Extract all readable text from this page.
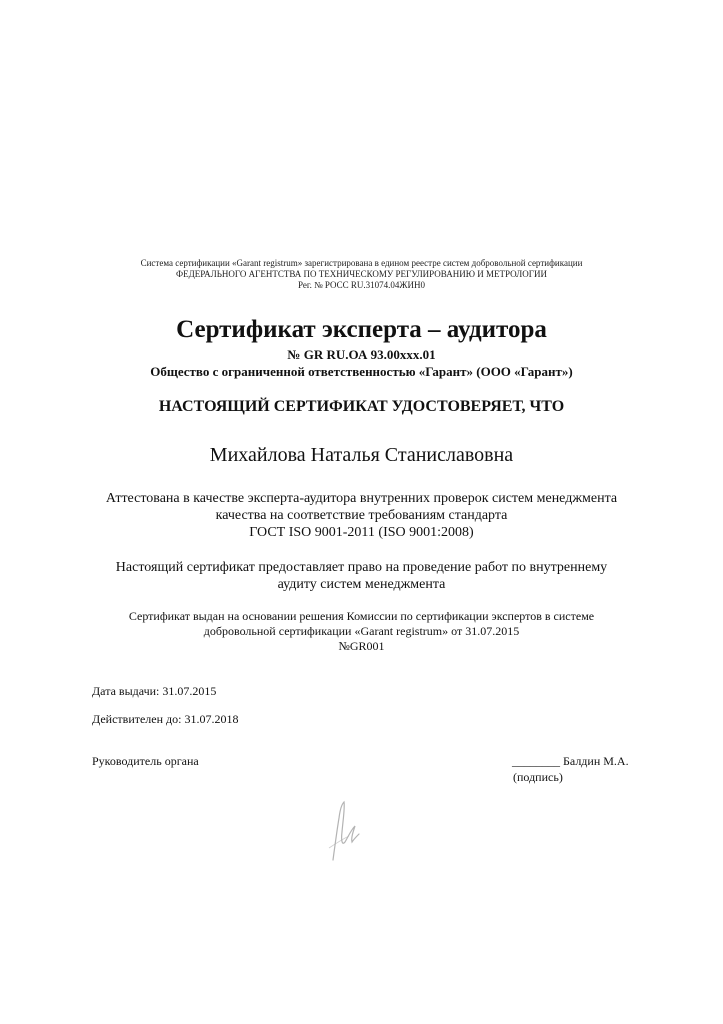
Система сертификации «Garant registrum» зарегистрирована в едином реестре систем добровольной сертификации
ФЕДЕРАЛЬНОГО АГЕНТСТВА ПО ТЕХНИЧЕСКОМУ РЕГУЛИРОВАНИЮ И МЕТРОЛОГИИ
Рег. № РОСС RU.31074.04ЖИН0
Сертификат эксперта – аудитора
№ GR RU.ОА 93.00ххх.01
Общество с ограниченной ответственностью «Гарант» (ООО «Гарант»)
НАСТОЯЩИЙ СЕРТИФИКАТ УДОСТОВЕРЯЕТ, ЧТО
Михайлова Наталья Станиславовна
Аттестована в качестве эксперта-аудитора внутренних проверок систем менеджмента
качества на соответствие требованиям стандарта
ГОСТ ISO 9001-2011 (ISO 9001:2008)
Настоящий сертификат предоставляет право на проведение работ по внутреннему
аудиту систем менеджмента
Сертификат выдан на основании решения Комиссии по сертификации экспертов в системе
добровольной сертификации «Garant registrum» от 31.07.2015
№GR001
Дата выдачи: 31.07.2015
Действителен до: 31.07.2018
Руководитель органа	________ Балдин М.А.
(подпись)
